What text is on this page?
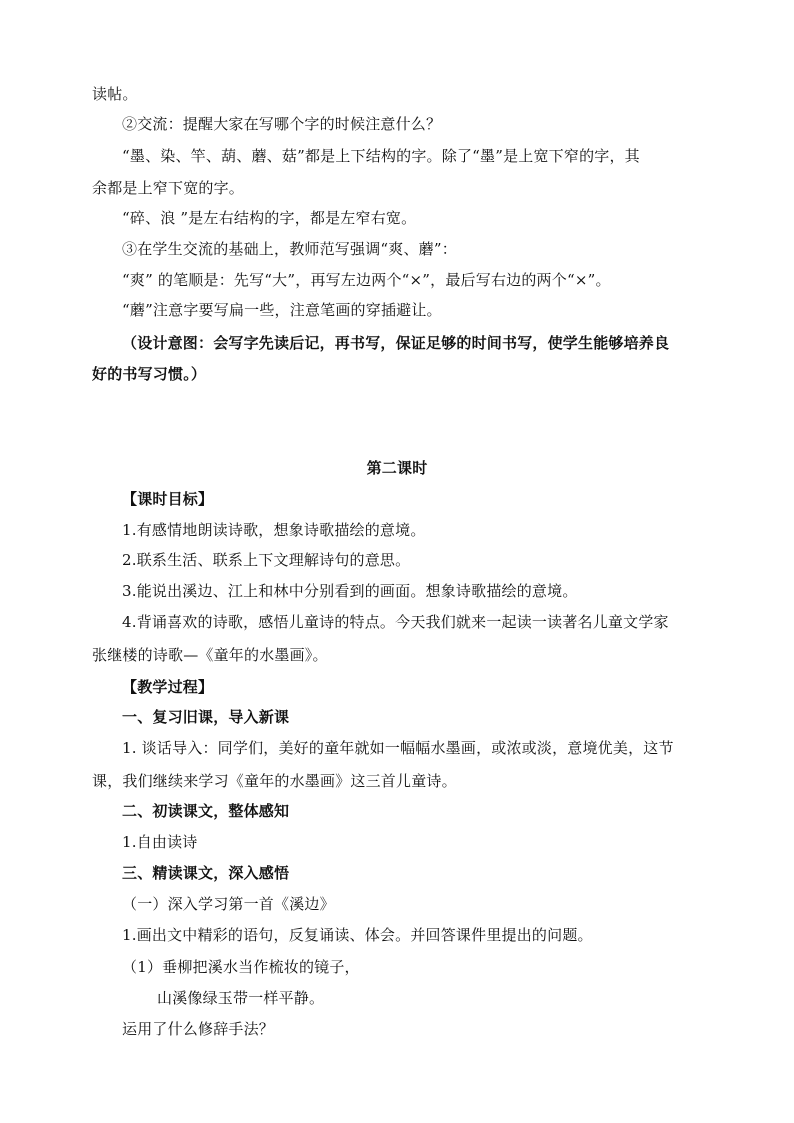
读帖。
②交流：提醒大家在写哪个字的时候注意什么？
“墨、染、竿、葫、蘑、菇”都是上下结构的字。除了“墨”是上宽下窄的字，其
余都是上窄下宽的字。
“碎、浪 ”是左右结构的字，都是左窄右宽。
③在学生交流的基础上，教师范写强调“爽、蘑”：
“爽” 的笔顺是：先写“大”，再写左边两个“×”，最后写右边的两个“×”。
“蘑”注意字要写扁一些，注意笔画的穿插避让。
（设计意图：会写字先读后记，再书写，保证足够的时间书写，使学生能够培养良
好的书写习惯。）
第二课时
【课时目标】
1.有感情地朗读诗歌，想象诗歌描绘的意境。
2.联系生活、联系上下文理解诗句的意思。
3.能说出溪边、江上和林中分别看到的画面。想象诗歌描绘的意境。
4.背诵喜欢的诗歌，感悟儿童诗的特点。今天我们就来一起读一读著名儿童文学家
张继楼的诗歌—《童年的水墨画》。
【教学过程】
一、复习旧课，导入新课
1. 谈话导入：同学们，美好的童年就如一幅幅水墨画，或浓或淡，意境优美，这节
课，我们继续来学习《童年的水墨画》这三首儿童诗。
二、初读课文，整体感知
1.自由读诗
三、精读课文，深入感悟
（一）深入学习第一首《溪边》
1.画出文中精彩的语句，反复诵读、体会。并回答课件里提出的问题。
（1）垂柳把溪水当作梳妆的镜子，
山溪像绿玉带一样平静。
运用了什么修辞手法？
